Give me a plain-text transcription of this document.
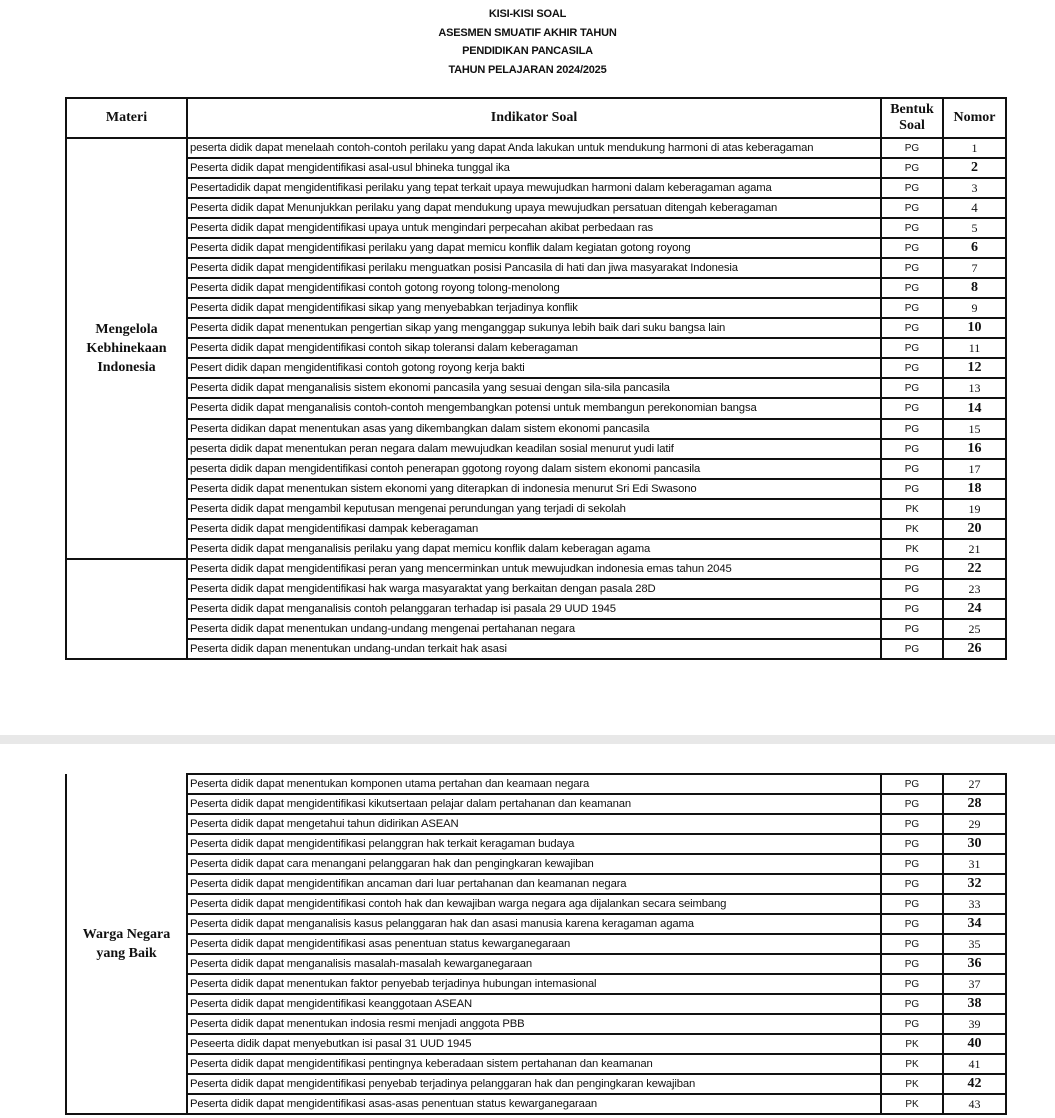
KISI-KISI SOAL
ASESMEN SMUATIF AKHIR TAHUN
PENDIDIKAN PANCASILA
TAHUN PELAJARAN 2024/2025
Materi	Indikator Soal	Bentuk Soal	Nomor
Mengelola Kebhinekaan Indonesia	peserta didik dapat menelaah contoh-contoh perilaku yang dapat Anda lakukan untuk mendukung harmoni di atas keberagaman	PG	1
	Peserta didik dapat mengidentifikasi asal-usul bhineka tunggal ika	PG	2
	Pesertadidik dapat mengidentifikasi perilaku yang tepat terkait upaya mewujudkan harmoni dalam keberagaman agama	PG	3
	Peserta didik dapat Menunjukkan perilaku yang dapat mendukung upaya mewujudkan persatuan ditengah keberagaman	PG	4
	Peserta didik dapat mengidentifikasi upaya untuk mengindari perpecahan akibat perbedaan ras	PG	5
	Peserta didik dapat mengidentifikasi perilaku yang dapat memicu konflik dalam kegiatan gotong royong	PG	6
	Peserta didik dapat mengidentifikasi perilaku menguatkan posisi Pancasila di hati dan jiwa masyarakat Indonesia	PG	7
	Peserta didik dapat mengidentifikasi contoh gotong royong tolong-menolong	PG	8
	Peserta didik dapat mengidentifikasi sikap yang menyebabkan terjadinya konflik	PG	9
	Peserta didik dapat menentukan pengertian sikap yang menganggap sukunya lebih baik dari suku bangsa lain	PG	10
	Peserta didik dapat mengidentifikasi contoh sikap toleransi dalam keberagaman	PG	11
	Pesert didik dapan mengidentifikasi contoh gotong royong kerja bakti	PG	12
	Peserta didik dapat menganalisis sistem ekonomi pancasila yang sesuai dengan sila-sila pancasila	PG	13
	Peserta didik dapat menganalisis contoh-contoh mengembangkan potensi untuk membangun perekonomian bangsa	PG	14
	Peserta didikan dapat menentukan asas yang dikembangkan dalam sistem ekonomi pancasila	PG	15
	peserta didik dapat menentukan peran negara dalam mewujudkan keadilan sosial menurut yudi latif	PG	16
	peserta didik dapan mengidentifikasi contoh penerapan ggotong royong dalam sistem ekonomi pancasila	PG	17
	Peserta didik dapat menentukan sistem ekonomi yang diterapkan di indonesia menurut Sri Edi Swasono	PG	18
	Peserta didik dapat mengambil keputusan mengenai perundungan yang terjadi di sekolah	PK	19
	Peserta didik dapat mengidentifikasi dampak keberagaman	PK	20
	Peserta didik dapat menganalisis perilaku yang dapat memicu konflik dalam keberagan agama	PK	21
	Peserta didik dapat mengidentifikasi peran yang mencerminkan untuk mewujudkan indonesia emas tahun 2045	PG	22
	Peserta didik dapat mengidentifikasi hak warga masyaraktat yang berkaitan dengan pasala 28D	PG	23
	Peserta didik dapat menganalisis contoh pelanggaran terhadap isi pasala 29 UUD 1945	PG	24
	Peserta didik dapat menentukan undang-undang mengenai pertahanan negara	PG	25
	Peserta didik dapan menentukan undang-undan terkait hak asasi	PG	26
Warga Negara yang Baik	Peserta didik dapat menentukan komponen utama pertahan dan keamaan negara	PG	27
	Peserta didik dapat mengidentifikasi kikutsertaan pelajar dalam pertahanan dan keamanan	PG	28
	Peserta didik dapat mengetahui tahun didirikan ASEAN	PG	29
	Peserta didik dapat mengidentifikasi pelanggran hak terkait keragaman budaya	PG	30
	Peserta didik dapat cara menangani pelanggaran hak dan pengingkaran kewajiban	PG	31
	Peserta didik dapat mengidentifikan ancaman dari luar pertahanan dan keamanan negara	PG	32
	Peserta didik dapat mengidentifikasi contoh hak dan kewajiban warga negara aga dijalankan secara seimbang	PG	33
	Peserta didik dapat menganalisis kasus pelanggaran hak dan asasi manusia karena keragaman agama	PG	34
	Peserta didik dapat mengidentifikasi asas penentuan status kewarganegaraan	PG	35
	Peserta didik dapat menganalisis masalah-masalah kewarganegaraan	PG	36
	Peserta didik dapat menentukan faktor penyebab terjadinya hubungan intemasional	PG	37
	Peserta didik dapat mengidentifikasi keanggotaan ASEAN	PG	38
	Peserta didik dapat menentukan indosia resmi menjadi anggota PBB	PG	39
	Peseerta didik dapat menyebutkan isi pasal 31 UUD 1945	PK	40
	Peserta didik dapat mengidentifikasi pentingnya keberadaan sistem pertahanan dan keamanan	PK	41
	Peserta didik dapat mengidentifikasi penyebab terjadinya pelanggaran hak dan pengingkaran kewajiban	PK	42
	Peserta didik dapat mengidentifikasi asas-asas penentuan status kewarganegaraan	PK	43
